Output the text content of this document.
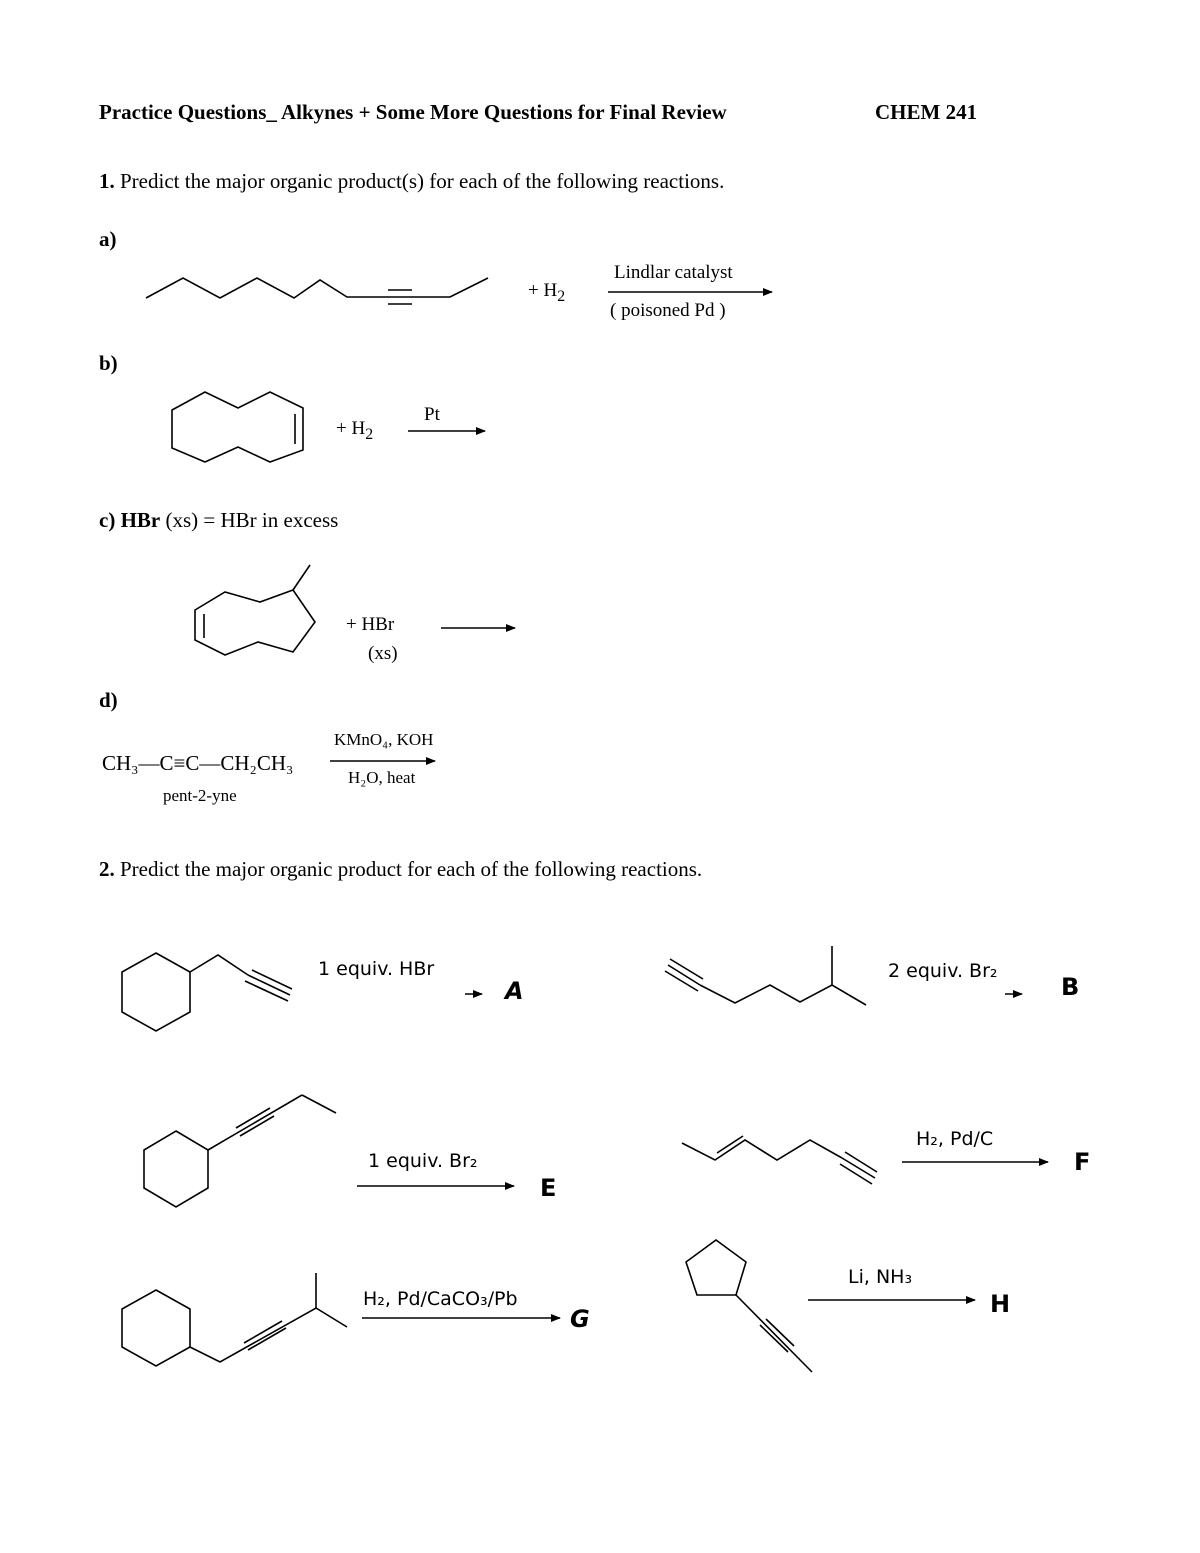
Practice Questions_ Alkynes + Some More Questions for Final Review	CHEM 241
1. Predict the major organic product(s) for each of the following reactions.
a)
+ $H_2$
Lindlar catalyst
( poisoned Pd )
b)
+ $H_2$
Pt
c) HBr (xs) = HBr in excess
+ HBr
(xs)
d)
CH₃—C≡C—CH₂CH₃
pent-2-yne
KMnO₄, KOH
H₂O, heat
2. Predict the major organic product for each of the following reactions.
1 equiv. HBr
A
2 equiv. Br₂
B
1 equiv. Br₂
E
H₂, Pd/C
F
H₂, Pd/CaCO₃/Pb
G
Li, NH₃
H
